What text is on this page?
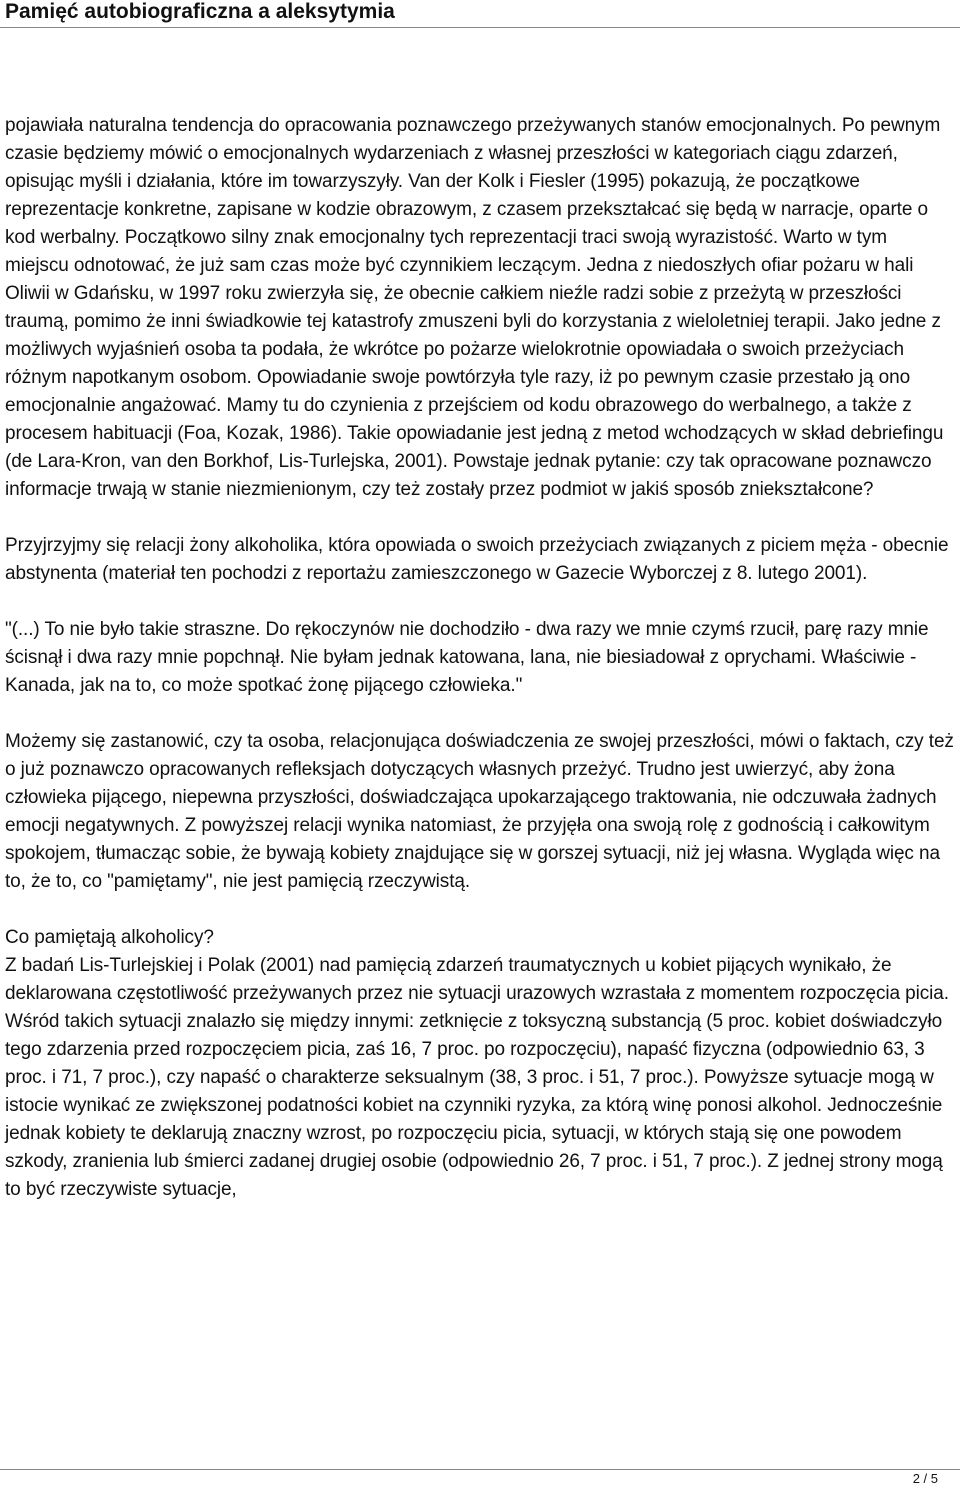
Pamięć autobiograficzna a aleksytymia

pojawiała naturalna tendencja do opracowania poznawczego przeżywanych stanów emocjonalnych. Po pewnym czasie będziemy mówić o emocjonalnych wydarzeniach z własnej przeszłości w kategoriach ciągu zdarzeń, opisując myśli i działania, które im towarzyszyły. Van der Kolk i Fiesler (1995) pokazują, że początkowe reprezentacje konkretne, zapisane w kodzie obrazowym, z czasem przekształcać się będą w narracje, oparte o kod werbalny. Początkowo silny znak emocjonalny tych reprezentacji traci swoją wyrazistość. Warto w tym miejscu odnotować, że już sam czas może być czynnikiem leczącym. Jedna z niedoszłych ofiar pożaru w hali Oliwii w Gdańsku, w 1997 roku zwierzyła się, że obecnie całkiem nieźle radzi sobie z przeżytą w przeszłości traumą, pomimo że inni świadkowie tej katastrofy zmuszeni byli do korzystania z wieloletniej terapii. Jako jedne z możliwych wyjaśnień osoba ta podała, że wkrótce po pożarze wielokrotnie opowiadała o swoich przeżyciach różnym napotkanym osobom. Opowiadanie swoje powtórzyła tyle razy, iż po pewnym czasie przestało ją ono emocjonalnie angażować. Mamy tu do czynienia z przejściem od kodu obrazowego do werbalnego, a także z procesem habituacji (Foa, Kozak, 1986). Takie opowiadanie jest jedną z metod wchodzących w skład debriefingu (de Lara-Kron, van den Borkhof, Lis-Turlejska, 2001). Powstaje jednak pytanie: czy tak opracowane poznawczo informacje trwają w stanie niezmienionym, czy też zostały przez podmiot w jakiś sposób zniekształcone?

Przyjrzyjmy się relacji żony alkoholika, która opowiada o swoich przeżyciach związanych z piciem męża - obecnie abstynenta (materiał ten pochodzi z reportażu zamieszczonego w Gazecie Wyborczej z 8. lutego 2001).

"(...) To nie było takie straszne. Do rękoczynów nie dochodziło - dwa razy we mnie czymś rzucił, parę razy mnie ścisnął i dwa razy mnie popchnął. Nie byłam jednak katowana, lana, nie biesiadował z oprychami. Właściwie - Kanada, jak na to, co może spotkać żonę pijącego człowieka."

Możemy się zastanowić, czy ta osoba, relacjonująca doświadczenia ze swojej przeszłości, mówi o faktach, czy też o już poznawczo opracowanych refleksjach dotyczących własnych przeżyć. Trudno jest uwierzyć, aby żona człowieka pijącego, niepewna przyszłości, doświadczająca upokarzającego traktowania, nie odczuwała żadnych emocji negatywnych. Z powyższej relacji wynika natomiast, że przyjęła ona swoją rolę z godnością i całkowitym spokojem, tłumacząc sobie, że bywają kobiety znajdujące się w gorszej sytuacji, niż jej własna. Wygląda więc na to, że to, co "pamiętamy", nie jest pamięcią rzeczywistą.

Co pamiętają alkoholicy?

Z badań Lis-Turlejskiej i Polak (2001) nad pamięcią zdarzeń traumatycznych u kobiet pijących wynikało, że deklarowana częstotliwość przeżywanych przez nie sytuacji urazowych wzrastała z momentem rozpoczęcia picia. Wśród takich sytuacji znalazło się między innymi: zetknięcie z toksyczną substancją (5 proc. kobiet doświadczyło tego zdarzenia przed rozpoczęciem picia, zaś 16, 7 proc. po rozpoczęciu), napaść fizyczna (odpowiednio 63, 3 proc. i 71, 7 proc.), czy napaść o charakterze seksualnym (38, 3 proc. i 51, 7 proc.). Powyższe sytuacje mogą w istocie wynikać ze zwiększonej podatności kobiet na czynniki ryzyka, za którą winę ponosi alkohol. Jednocześnie jednak kobiety te deklarują znaczny wzrost, po rozpoczęciu picia, sytuacji, w których stają się one powodem szkody, zranienia lub śmierci zadanej drugiej osobie (odpowiednio 26, 7 proc. i 51, 7 proc.). Z jednej strony mogą to być rzeczywiste sytuacje,

2 / 5
